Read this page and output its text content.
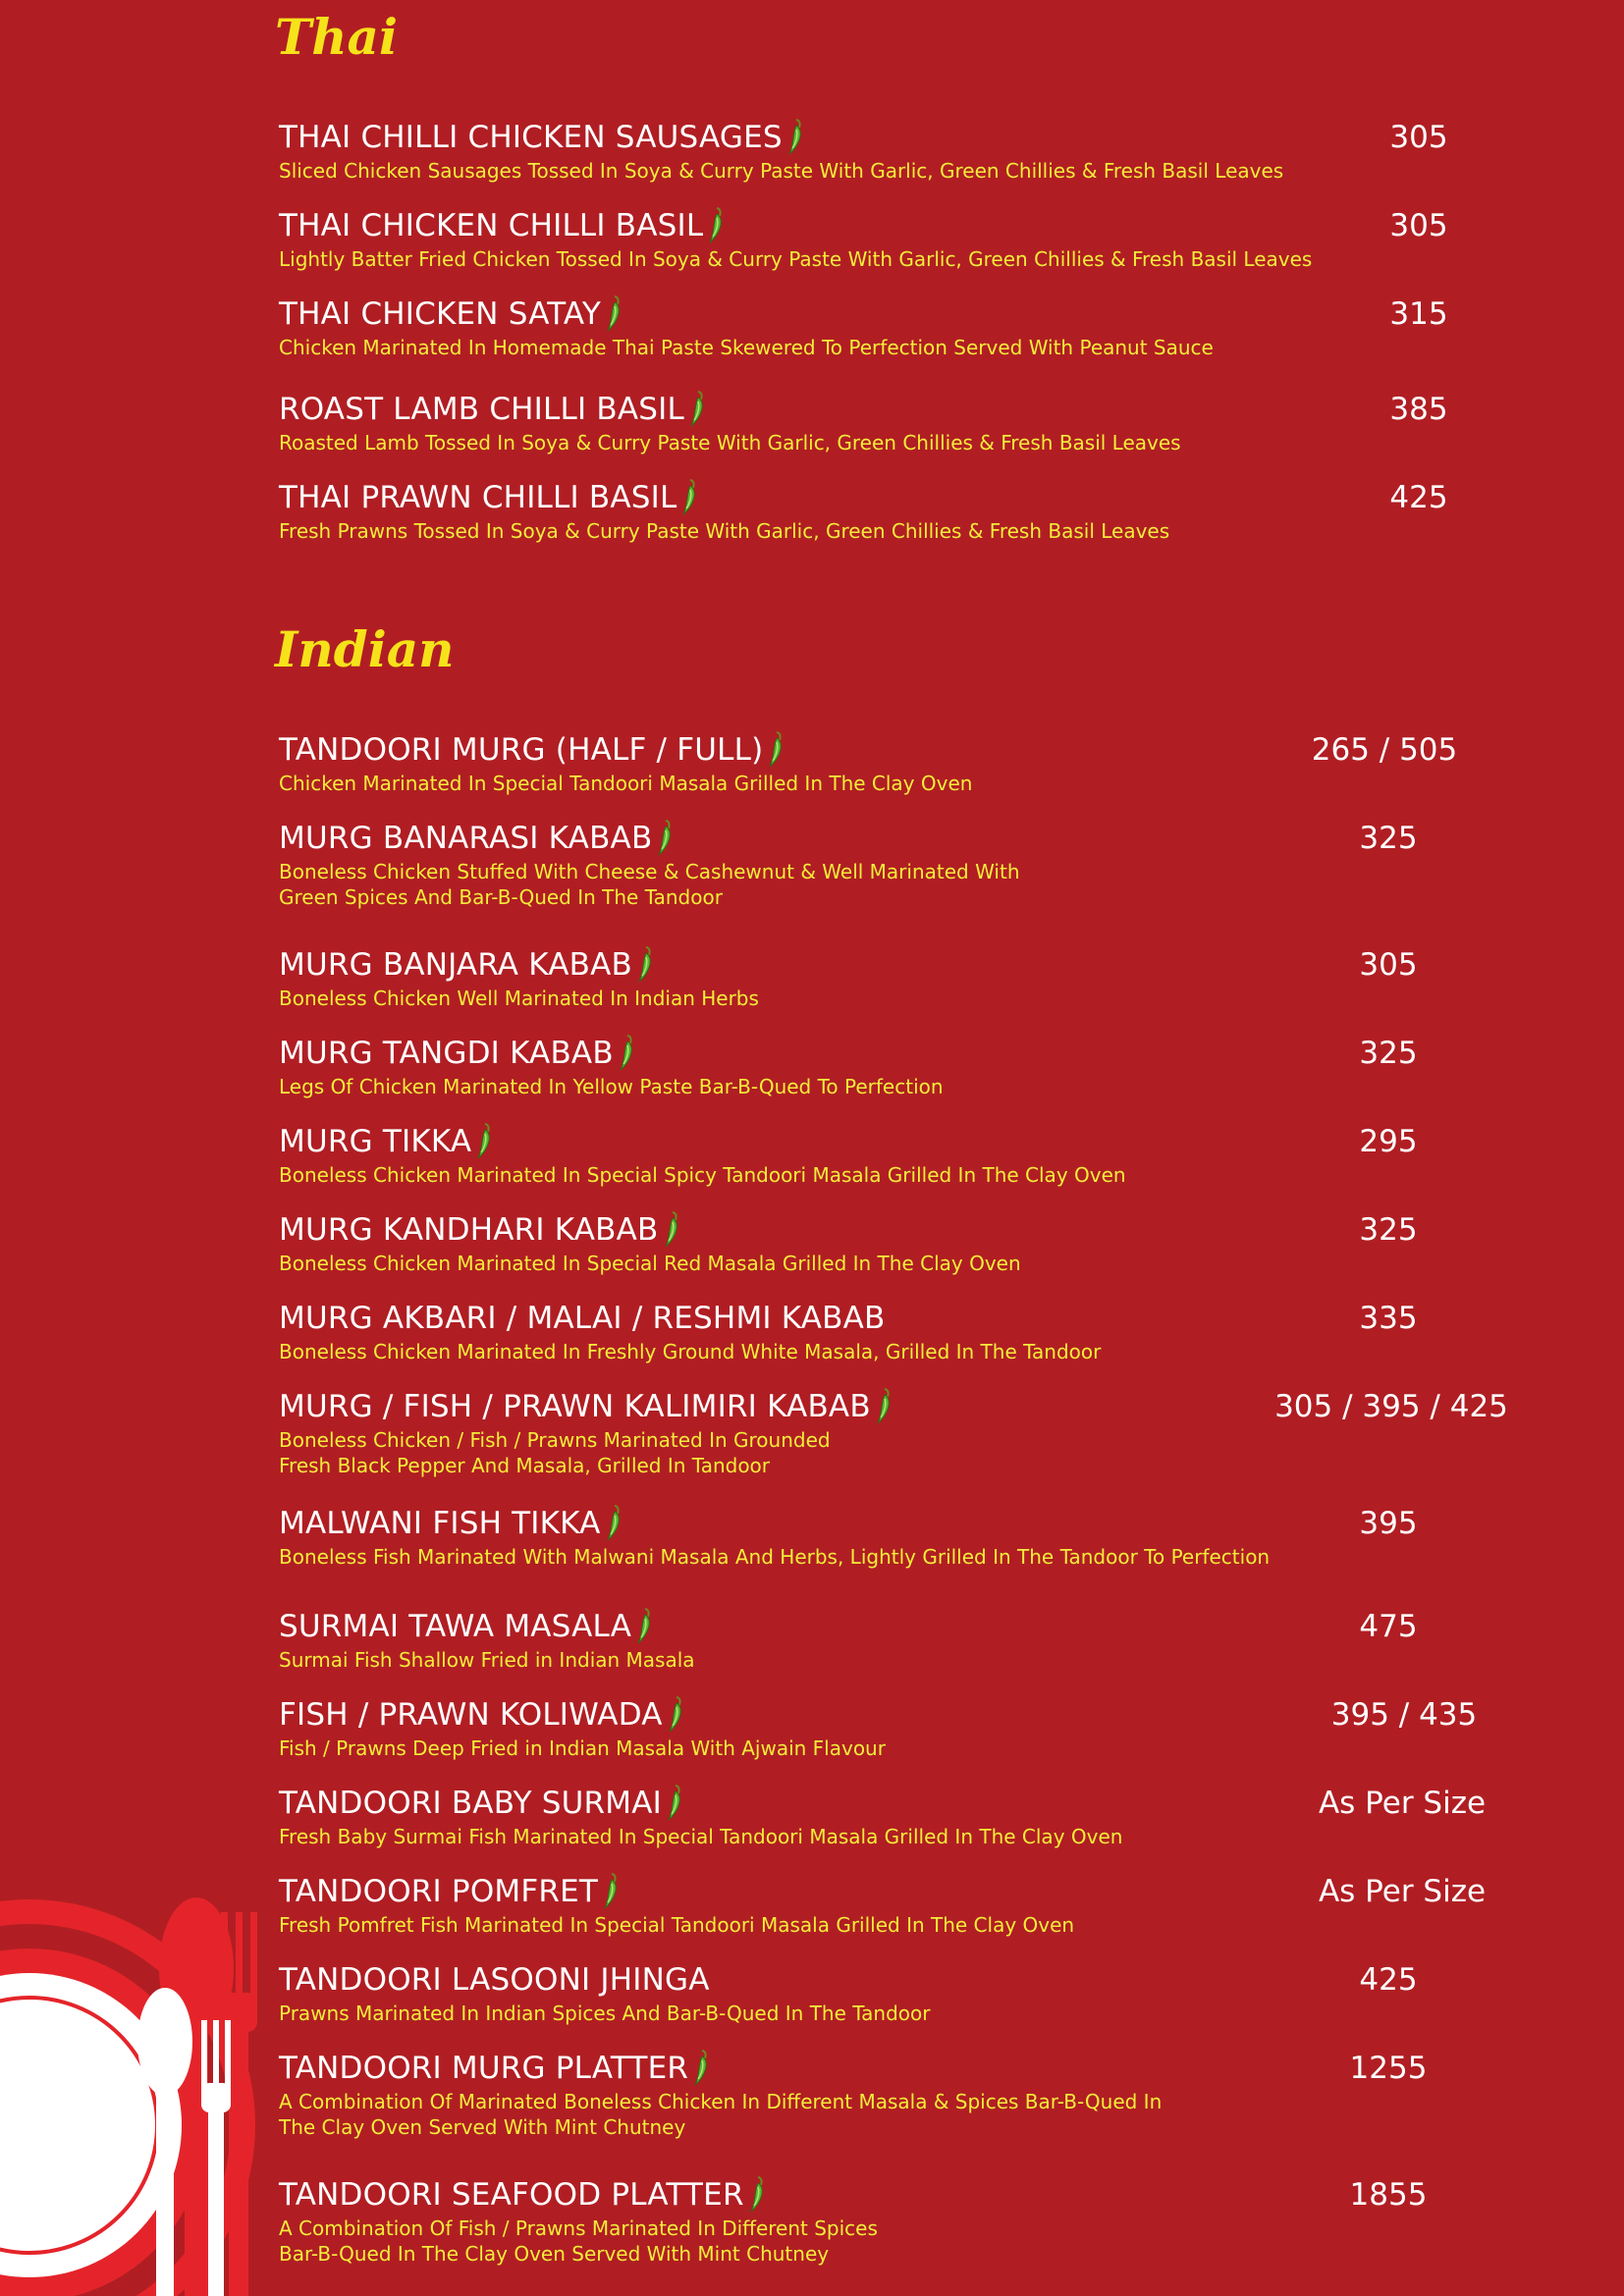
Thai
Indian
THAI CHILLI CHICKEN SAUSAGES	305
Sliced Chicken Sausages Tossed In Soya & Curry Paste With Garlic, Green Chillies & Fresh Basil Leaves
THAI CHICKEN CHILLI BASIL	305
Lightly Batter Fried Chicken Tossed In Soya & Curry Paste With Garlic, Green Chillies & Fresh Basil Leaves
THAI CHICKEN SATAY	315
Chicken Marinated In Homemade Thai Paste Skewered To Perfection Served With Peanut Sauce
ROAST LAMB CHILLI BASIL	385
Roasted Lamb Tossed In Soya & Curry Paste With Garlic, Green Chillies & Fresh Basil Leaves
THAI PRAWN CHILLI BASIL	425
Fresh Prawns Tossed In Soya & Curry Paste With Garlic, Green Chillies & Fresh Basil Leaves
TANDOORI MURG (HALF / FULL)	265 / 505
Chicken Marinated In Special Tandoori Masala Grilled In The Clay Oven
MURG BANARASI KABAB	325
Boneless Chicken Stuffed With Cheese & Cashewnut & Well Marinated With
Green Spices And Bar-B-Qued In The Tandoor
MURG BANJARA KABAB	305
Boneless Chicken Well Marinated In Indian Herbs
MURG TANGDI KABAB	325
Legs Of Chicken Marinated In Yellow Paste Bar-B-Qued To Perfection
MURG TIKKA	295
Boneless Chicken Marinated In Special Spicy Tandoori Masala Grilled In The Clay Oven
MURG KANDHARI KABAB	325
Boneless Chicken Marinated In Special Red Masala Grilled In The Clay Oven
MURG AKBARI / MALAI / RESHMI KABAB	335
Boneless Chicken Marinated In Freshly Ground White Masala, Grilled In The Tandoor
MURG / FISH / PRAWN KALIMIRI KABAB	305 / 395 / 425
Boneless Chicken / Fish / Prawns Marinated In Grounded
Fresh Black Pepper And Masala, Grilled In Tandoor
MALWANI FISH TIKKA	395
Boneless Fish Marinated With Malwani Masala And Herbs, Lightly Grilled In The Tandoor To Perfection
SURMAI TAWA MASALA	475
Surmai Fish Shallow Fried in Indian Masala
FISH / PRAWN KOLIWADA	395 / 435
Fish / Prawns Deep Fried in Indian Masala With Ajwain Flavour
TANDOORI BABY SURMAI	As Per Size
Fresh Baby Surmai Fish Marinated In Special Tandoori Masala Grilled In The Clay Oven
TANDOORI POMFRET	As Per Size
Fresh Pomfret Fish Marinated In Special Tandoori Masala Grilled In The Clay Oven
TANDOORI LASOONI JHINGA	425
Prawns Marinated In Indian Spices And Bar-B-Qued In The Tandoor
TANDOORI MURG PLATTER	1255
A Combination Of Marinated Boneless Chicken In Different Masala & Spices Bar-B-Qued In
The Clay Oven Served With Mint Chutney
TANDOORI SEAFOOD PLATTER	1855
A Combination Of Fish / Prawns Marinated In Different Spices
Bar-B-Qued In The Clay Oven Served With Mint Chutney
